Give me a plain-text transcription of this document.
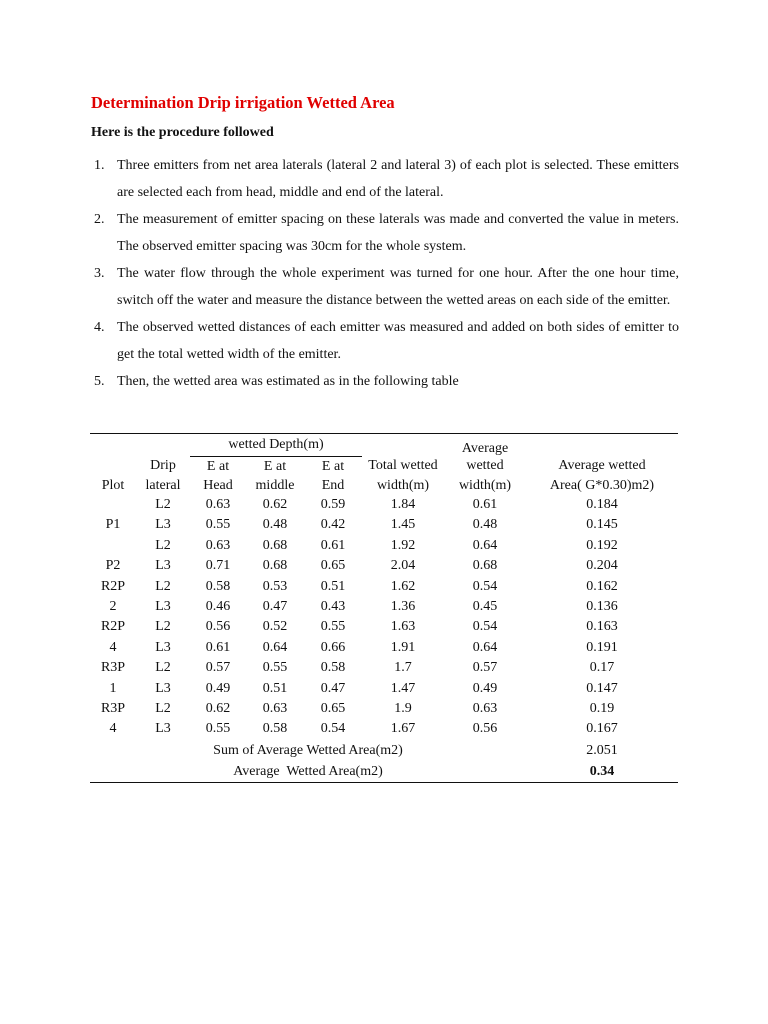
Determination Drip irrigation Wetted Area
Here is the procedure followed
1. Three emitters from net area laterals (lateral 2 and lateral 3) of each plot is selected. These emitters are selected each from head, middle and end of the lateral.
2. The measurement of emitter spacing on these laterals was made and converted the value in meters. The observed emitter spacing was 30cm for the whole system.
3. The water flow through the whole experiment was turned for one hour. After the one hour time, switch off the water and measure the distance between the wetted areas on each side of the emitter.
4. The observed wetted distances of each emitter was measured and added on both sides of emitter to get the total wetted width of the emitter.
5. Then, the wetted area was estimated as in the following table
		wetted Depth(m)				Average	
	Drip	E at	E at	E at	Total wetted	wetted	Average wetted
Plot	lateral	Head	middle	End	width(m)	width(m)	Area( G*0.30)m2)
	L2	0.63	0.62	0.59	1.84	0.61	0.184
P1	L3	0.55	0.48	0.42	1.45	0.48	0.145
	L2	0.63	0.68	0.61	1.92	0.64	0.192
P2	L3	0.71	0.68	0.65	2.04	0.68	0.204
R2P	L2	0.58	0.53	0.51	1.62	0.54	0.162
2	L3	0.46	0.47	0.43	1.36	0.45	0.136
R2P	L2	0.56	0.52	0.55	1.63	0.54	0.163
4	L3	0.61	0.64	0.66	1.91	0.64	0.191
R3P	L2	0.57	0.55	0.58	1.7	0.57	0.17
1	L3	0.49	0.51	0.47	1.47	0.49	0.147
R3P	L2	0.62	0.63	0.65	1.9	0.63	0.19
4	L3	0.55	0.58	0.54	1.67	0.56	0.167
Sum of Average Wetted Area(m2)							2.051
Average  Wetted Area(m2)							0.34
